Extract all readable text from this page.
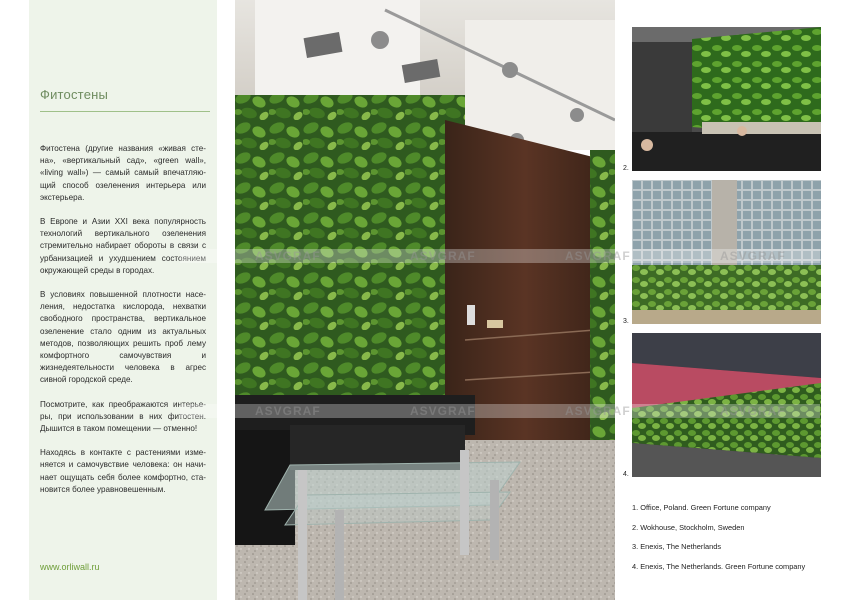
Фитостены

Фитостена (другие названия «живая сте- на», «вертикальный сад», «green wall», «living wall») — самый самый впечатляю- щий способ озеленения интерьера или экстерьера.

В Европе и Азии XXI века популярность технологий вертикального озеленения стремительно набирает обороты в связи с урбанизацией и ухудшением состоянием окружающей среды в городах.

В условиях повышенной плотности насе- ления, недостатка кислорода, нехватки свободного пространства, вертикальное озеленение стало одним из актуальных методов, позволяющих решить проб лему комфортного самочувствия и жизнедеятельности человека в агрес сивной городской среде.

Посмотрите, как преображаются интерье- ры, при использовании в них фитостен. Дышится в таком помещении — отменно!

Находясь в контакте с растениями изме- няется и самочувствие человека: он начи- нает ощущать себя более комфортно, ста- новится более уравновешенным.

www.orliwall.ru
2.
3.
4.
1. Office, Poland. Green Fortune company
2. Wokhouse, Stockholm, Sweden
3. Enexis, The Netherlands
4. Enexis, The Netherlands. Green Fortune company
ASVGRAF	ASVGRAF	ASVGRAF	ASVGRAF
ASVGRAF	ASVGRAF	ASVGRAF	ASVGRAF
